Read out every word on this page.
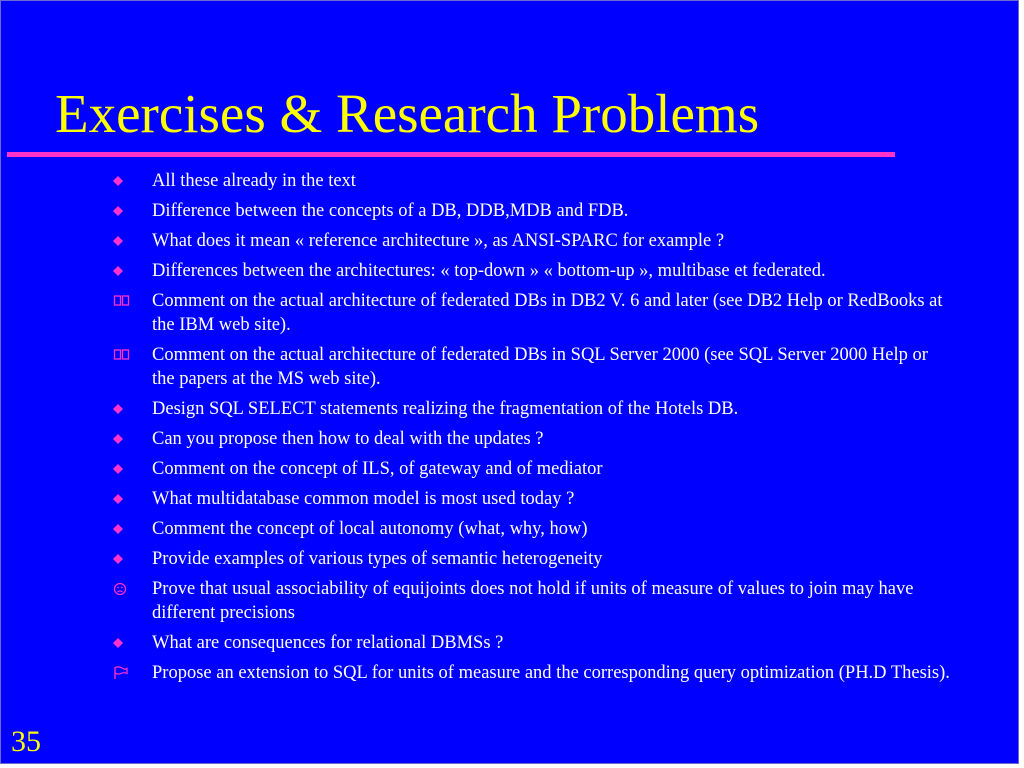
Exercises & Research Problems
All these already in the text
Difference between the concepts of a DB, DDB,MDB and FDB.
What does it mean « reference architecture », as ANSI-SPARC for example ?
Differences between the architectures: « top-down » « bottom-up », multibase et federated.
Comment on the actual architecture of federated DBs in DB2 V. 6 and later (see DB2 Help or RedBooks at the IBM web site).
Comment on the actual architecture of federated DBs in SQL Server 2000 (see SQL Server 2000 Help or the papers at the MS web site).
Design SQL SELECT statements realizing the fragmentation of the Hotels DB.
Can you propose then how to deal with the updates ?
Comment on the concept of ILS, of gateway and of mediator
What multidatabase common model is most used today ?
Comment the concept of local autonomy (what, why, how)
Provide examples of various types of semantic heterogeneity
Prove that usual associability of equijoints does not hold if units of measure of values to join may have different precisions
What are consequences for relational DBMSs ?
Propose an extension to SQL for units of measure and the corresponding query optimization (PH.D Thesis).
35
